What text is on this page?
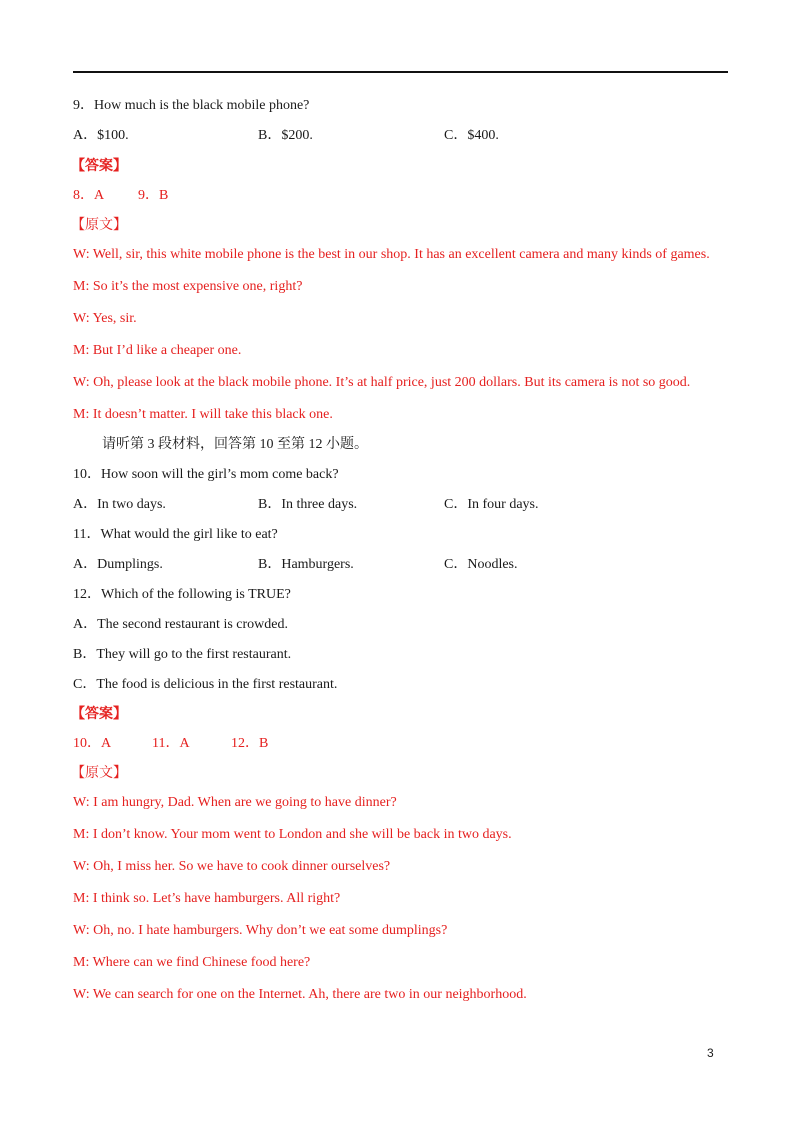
9．How much is the black mobile phone?
A．$100.	B．$200.	C．$400.
【答案】
8．A 9．B
【原文】
W: Well, sir, this white mobile phone is the best in our shop. It has an excellent camera and many kinds of games.
M: So it’s the most expensive one, right?
W: Yes, sir.
M: But I’d like a cheaper one.
W: Oh, please look at the black mobile phone. It’s at half price, just 200 dollars. But its camera is not so good.
M: It doesn’t matter. I will take this black one.
请听第 3 段材料，回答第 10 至第 12 小题。
10．How soon will the girl’s mom come back?
A．In two days.	B．In three days.	C．In four days.
11．What would the girl like to eat?
A．Dumplings.	B．Hamburgers.	C．Noodles.
12．Which of the following is TRUE?
A．The second restaurant is crowded.
B．They will go to the first restaurant.
C．The food is delicious in the first restaurant.
【答案】
10．A	11．A	12．B
【原文】
W: I am hungry, Dad. When are we going to have dinner?
M: I don’t know. Your mom went to London and she will be back in two days.
W: Oh, I miss her. So we have to cook dinner ourselves?
M: I think so. Let’s have hamburgers. All right?
W: Oh, no. I hate hamburgers. Why don’t we eat some dumplings?
M: Where can we find Chinese food here?
W: We can search for one on the Internet. Ah, there are two in our neighborhood.
3
